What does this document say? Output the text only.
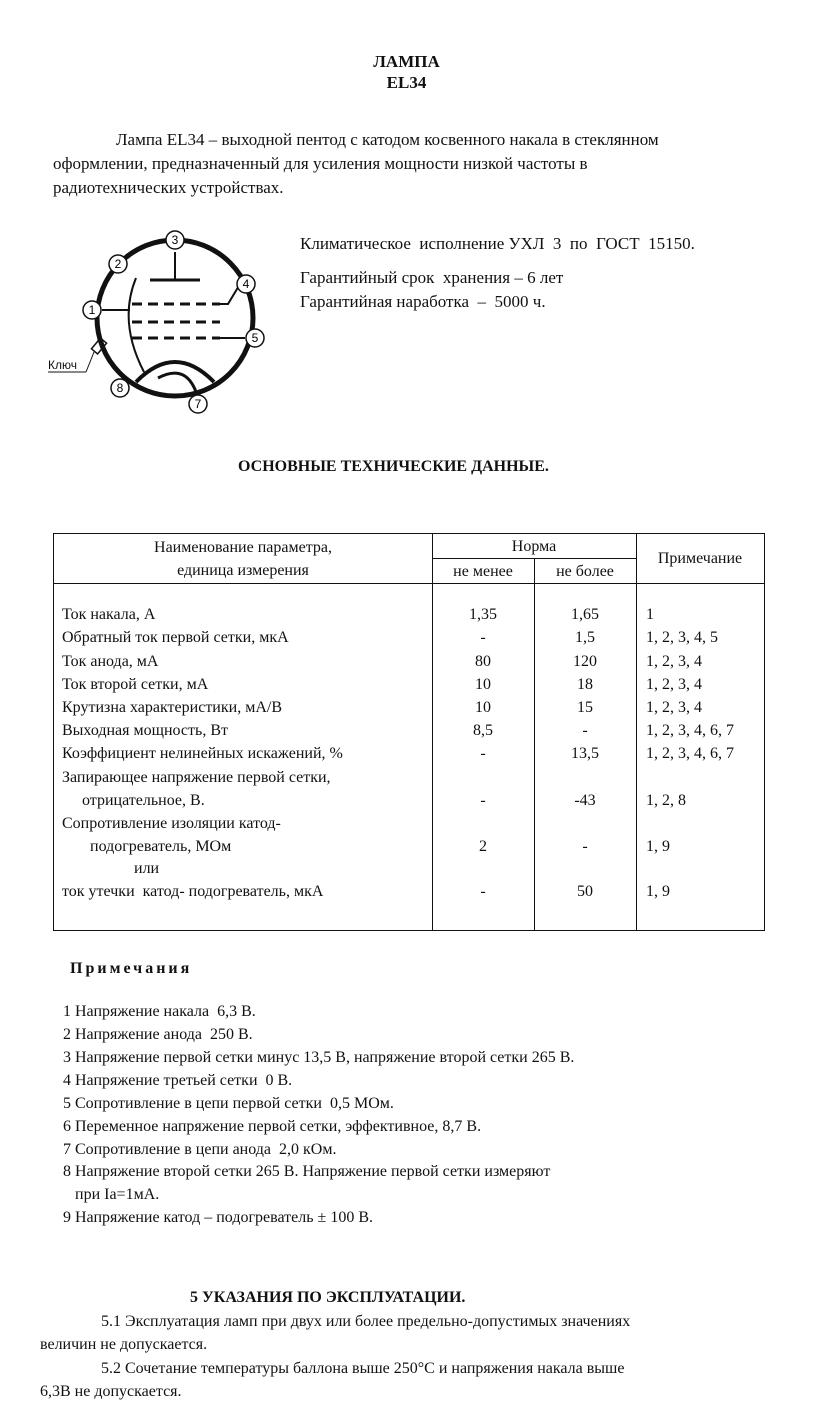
ЛАМПА
EL34
Лампа EL34 – выходной пентод с катодом косвенного накала в стеклянном
оформлении, предназначенный для усиления мощности низкой частоты в
радиотехнических устройствах.
Ключ
3
2
1
4
5
8
7
Климатическое  исполнение УХЛ  3  по  ГОСТ  15150.
Гарантийный срок  хранения – 6 лет
Гарантийная наработка  –  5000 ч.
ОСНОВНЫЕ ТЕХНИЧЕСКИЕ ДАННЫЕ.
Наименование параметра,
единица измерения
Норма
не менее	не более
Примечание
Ток накала, А	1,35	1,65	1
Обратный ток первой сетки, мкА	-	1,5	1, 2, 3, 4, 5
Ток анода, мА	80	120	1, 2, 3, 4
Ток второй сетки, мА	10	18	1, 2, 3, 4
Крутизна характеристики, мА/В	10	15	1, 2, 3, 4
Выходная мощность, Вт	8,5	-	1, 2, 3, 4, 6, 7
Коэффициент нелинейных искажений, %	-	13,5	1, 2, 3, 4, 6, 7
Запирающее напряжение первой сетки,
отрицательное, В.	-	-43	1, 2, 8
Сопротивление изоляции катод-
подогреватель, МОм	2	-	1, 9
или
ток утечки  катод- подогреватель, мкА	-	50	1, 9
Примечания
1 Напряжение накала  6,3 В.
2 Напряжение анода  250 В.
3 Напряжение первой сетки минус 13,5 В, напряжение второй сетки 265 В.
4 Напряжение третьей сетки  0 В.
5 Сопротивление в цепи первой сетки  0,5 МОм.
6 Переменное напряжение первой сетки, эффективное, 8,7 В.
7 Сопротивление в цепи анода  2,0 кОм.
8 Напряжение второй сетки 265 В. Напряжение первой сетки измеряют
при Iа=1мА.
9 Напряжение катод – подогреватель ± 100 В.
5 УКАЗАНИЯ ПО ЭКСПЛУАТАЦИИ.
5.1 Эксплуатация ламп при двух или более предельно-допустимых значениях
величин не допускается.
5.2 Сочетание температуры баллона выше 250°С и напряжения накала выше
6,3В не допускается.
